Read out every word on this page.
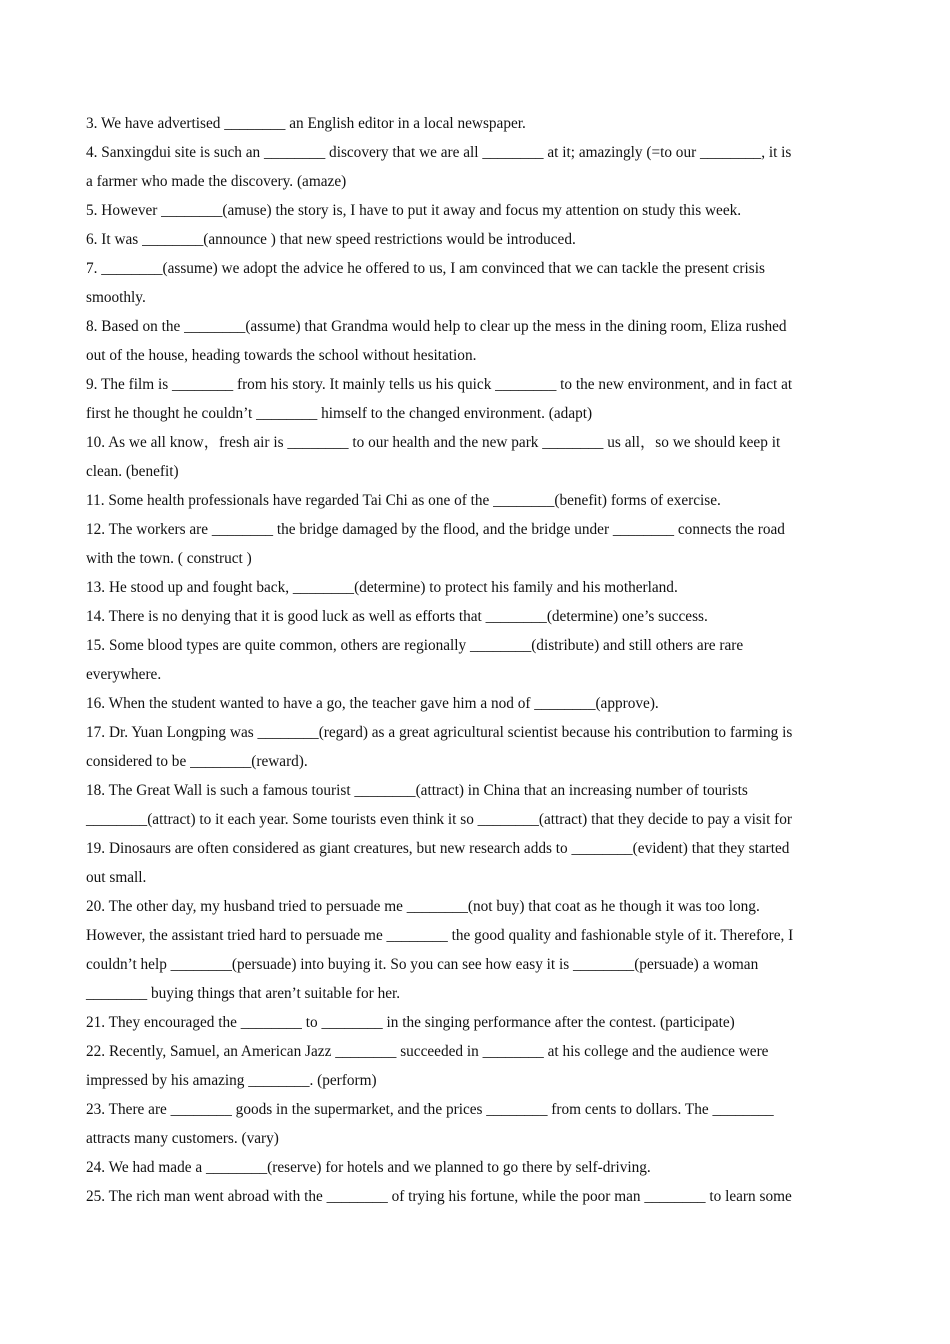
3. We have advertised ________ an English editor in a local newspaper.
4. Sanxingdui site is such an ________ discovery that we are all ________ at it; amazingly (=to our ________, it is
a farmer who made the discovery. (amaze)
5. However ________(amuse) the story is, I have to put it away and focus my attention on study this week.
6. It was ________(announce ) that new speed restrictions would be introduced.
7. ________(assume) we adopt the advice he offered to us, I am convinced that we can tackle the present crisis
smoothly.
8. Based on the ________(assume) that Grandma would help to clear up the mess in the dining room, Eliza rushed
out of the house, heading towards the school without hesitation.
9. The film is ________ from his story. It mainly tells us his quick ________ to the new environment, and in fact at
first he thought he couldn’t ________ himself to the changed environment. (adapt)
10. As we all know，fresh air is ________ to our health and the new park ________ us all，so we should keep it
clean. (benefit)
11. Some health professionals have regarded Tai Chi as one of the ________(benefit) forms of exercise.
12. The workers are ________ the bridge damaged by the flood, and the bridge under ________ connects the road
with the town. ( construct )
13. He stood up and fought back, ________(determine) to protect his family and his motherland.
14. There is no denying that it is good luck as well as efforts that ________(determine) one’s success.
15. Some blood types are quite common, others are regionally ________(distribute) and still others are rare
everywhere.
16. When the student wanted to have a go, the teacher gave him a nod of ________(approve).
17. Dr. Yuan Longping was ________(regard) as a great agricultural scientist because his contribution to farming is
considered to be ________(reward).
18. The Great Wall is such a famous tourist ________(attract) in China that an increasing number of tourists
________(attract) to it each year. Some tourists even think it so ________(attract) that they decide to pay a visit for
19. Dinosaurs are often considered as giant creatures, but new research adds to ________(evident) that they started
out small.
20. The other day, my husband tried to persuade me ________(not buy) that coat as he though it was too long.
However, the assistant tried hard to persuade me ________ the good quality and fashionable style of it. Therefore, I
couldn’t help ________(persuade) into buying it. So you can see how easy it is ________(persuade) a woman
________ buying things that aren’t suitable for her.
21. They encouraged the ________ to ________ in the singing performance after the contest. (participate)
22. Recently, Samuel, an American Jazz ________ succeeded in ________ at his college and the audience were
impressed by his amazing ________. (perform)
23. There are ________ goods in the supermarket, and the prices ________ from cents to dollars. The ________
attracts many customers. (vary)
24. We had made a ________(reserve) for hotels and we planned to go there by self-driving.
25. The rich man went abroad with the ________ of trying his fortune, while the poor man ________ to learn some
